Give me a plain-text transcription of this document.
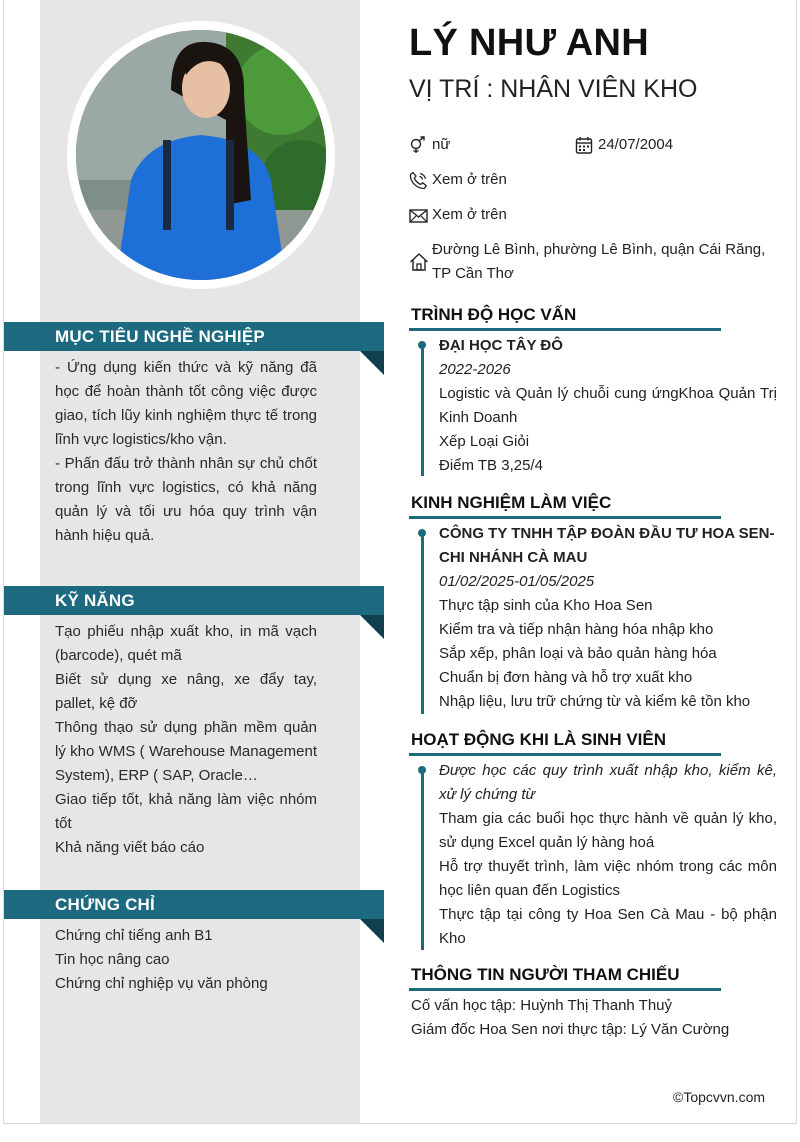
MỤC TIÊU NGHỀ NGHIỆP

- Ứng dụng kiến thức và kỹ năng đã học để hoàn thành tốt công việc được giao, tích lũy kinh nghiệm thực tế trong lĩnh vực logistics/kho vận.

- Phấn đấu trở thành nhân sự chủ chốt trong lĩnh vực logistics, có khả năng quản lý và tối ưu hóa quy trình vận hành hiệu quả.

KỸ NĂNG

Tạo phiếu nhập xuất kho, in mã vạch (barcode), quét mã

Biết sử dụng xe nâng, xe đẩy tay, pallet, kệ đỡ

Thông thạo sử dụng phần mềm quản lý kho WMS ( Warehouse Management System), ERP ( SAP, Oracle…

Giao tiếp tốt, khả năng làm việc nhóm tốt

Khả năng viết báo cáo

CHỨNG CHỈ

Chứng chỉ tiếng anh B1

Tin học nâng cao

Chứng chỉ nghiệp vụ văn phòng

LÝ NHƯ ANH
VỊ TRÍ : NHÂN VIÊN KHO
nữ	24/07/2004
Xem ở trên
Xem ở trên
Đường Lê Bình, phường Lê Bình, quận Cái Răng, TP Cần Thơ
TRÌNH ĐỘ HỌC VẤN

ĐẠI HỌC TÂY ĐÔ

2022-2026

Logistic và Quản lý chuỗi cung ứngKhoa Quản Trị Kinh Doanh

Xếp Loại Giỏi

Điểm TB 3,25/4

KINH NGHIỆM LÀM VIỆC

CÔNG TY TNHH TẬP ĐOÀN ĐẦU TƯ HOA SEN- CHI NHÁNH CÀ MAU

01/02/2025-01/05/2025

Thực tập sinh của Kho Hoa Sen

Kiểm tra và tiếp nhận hàng hóa nhập kho

Sắp xếp, phân loại và bảo quản hàng hóa

Chuẩn bị đơn hàng và hỗ trợ xuất kho

Nhập liệu, lưu trữ chứng từ và kiểm kê tồn kho

HOẠT ĐỘNG KHI LÀ SINH VIÊN

Được học các quy trình xuất nhập kho, kiểm kê, xử lý chứng từ

Tham gia các buổi học thực hành về quản lý kho, sử dụng Excel quản lý hàng hoá

Hỗ trợ thuyết trình, làm việc nhóm trong các môn học liên quan đến Logistics

Thực tập tại công ty Hoa Sen Cà Mau - bộ phận Kho

THÔNG TIN NGƯỜI THAM CHIẾU
Cố vấn học tập: Huỳnh Thị Thanh Thuỷ
Giám đốc Hoa Sen nơi thực tập: Lý Văn Cường
©Topcvvn.com
